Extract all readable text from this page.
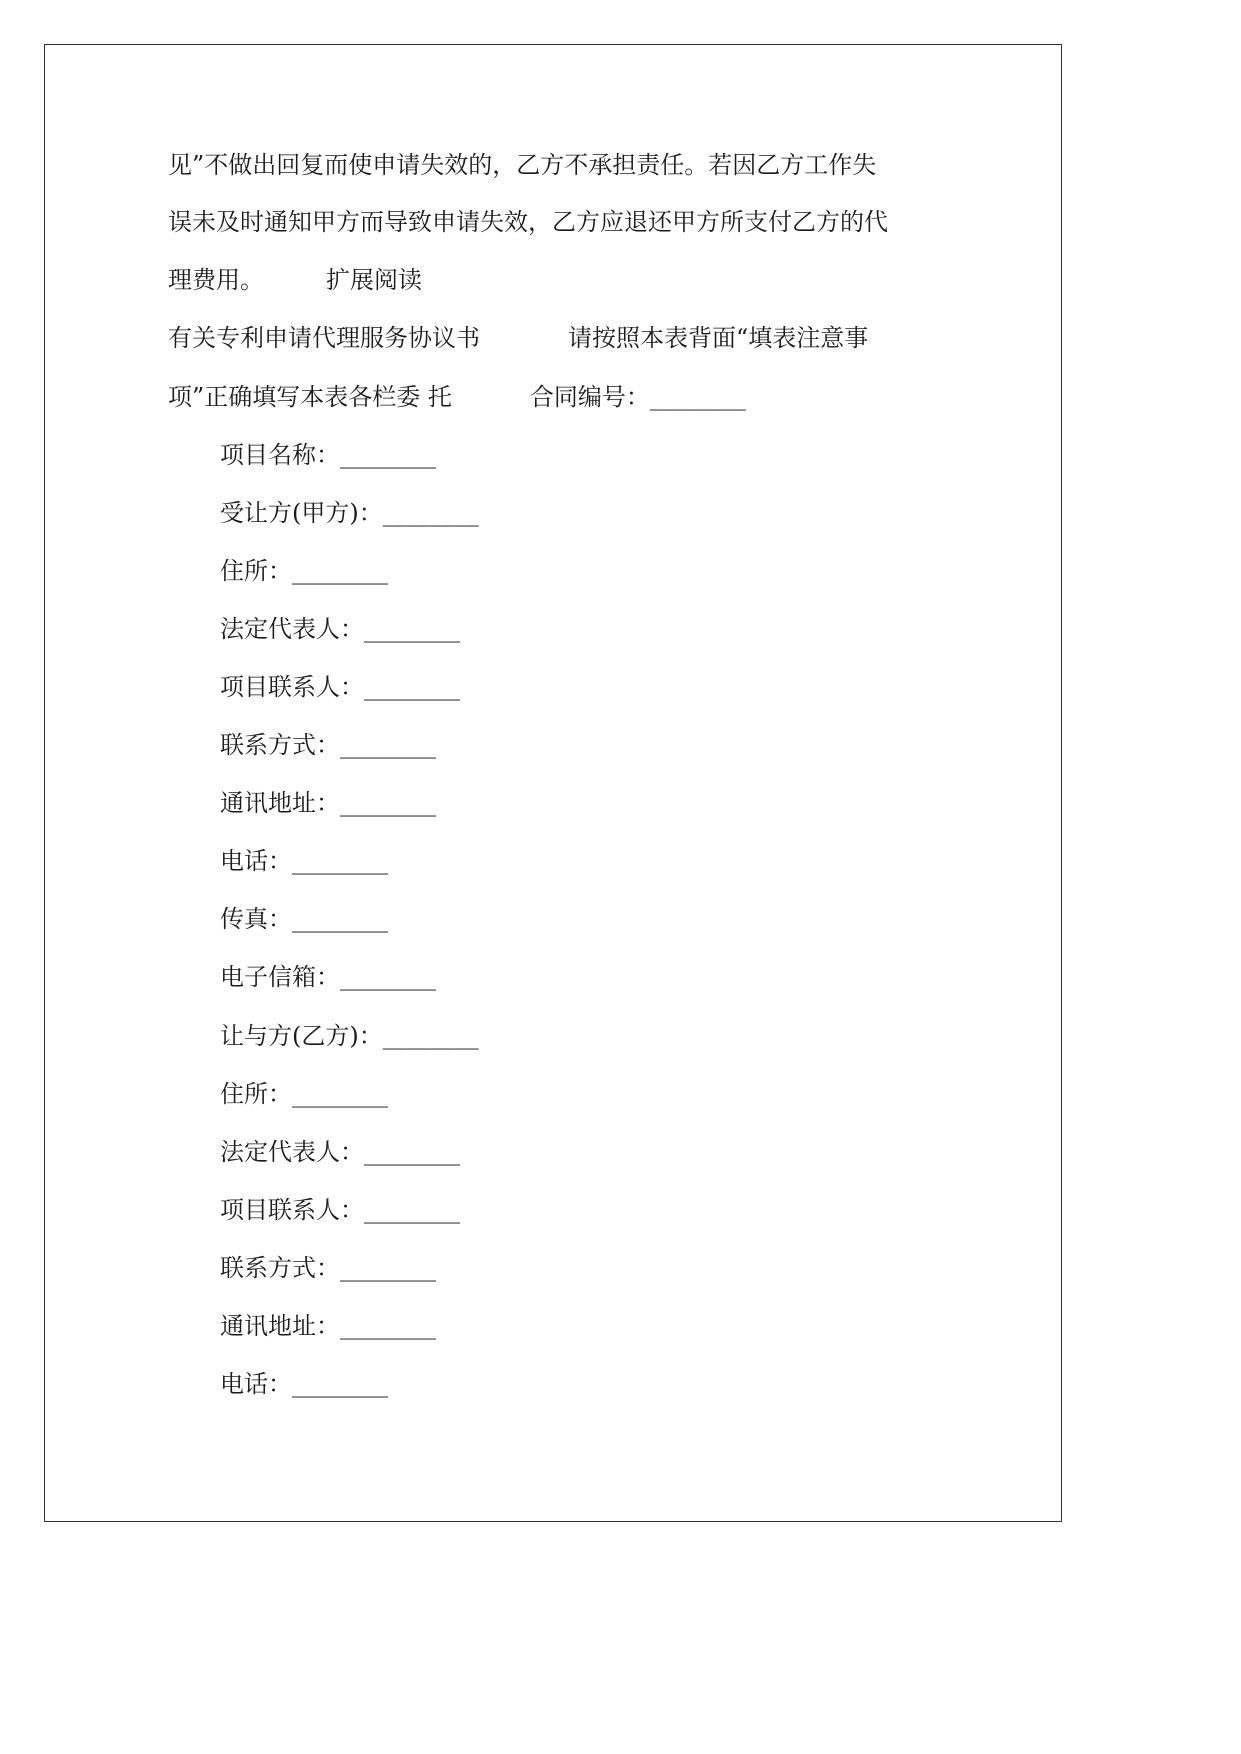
见”不做出回复而使申请失效的，乙方不承担责任。若因乙方工作失
误未及时通知甲方而导致申请失效，乙方应退还甲方所支付乙方的代
理费用。	扩展阅读
有关专利申请代理服务协议书	请按照本表背面“填表注意事
项”正确填写本表各栏委 托	合同编号：________
项目名称：________
受让方(甲方)：________
住所：________
法定代表人：________
项目联系人：________
联系方式：________
通讯地址：________
电话：________
传真：________
电子信箱：________
让与方(乙方)：________
住所：________
法定代表人：________
项目联系人：________
联系方式：________
通讯地址：________
电话：________
